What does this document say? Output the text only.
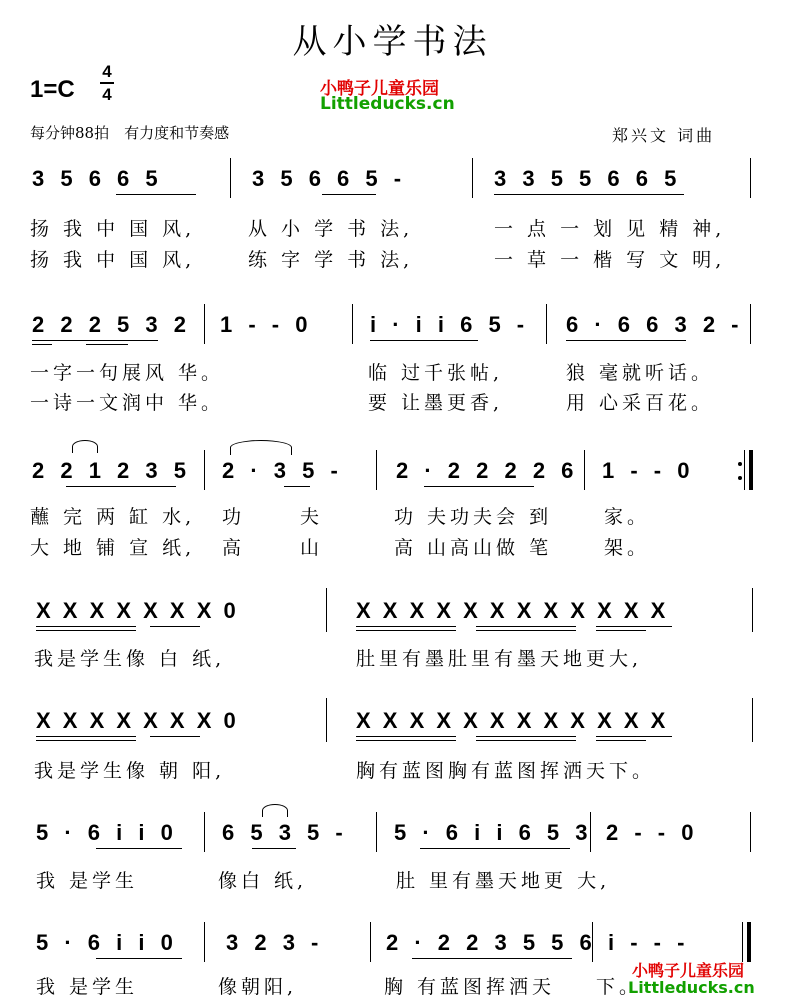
从小学书法
1=C
4
4	小鸭子儿童乐园
Littleducks.cn
每分钟88拍　有力度和节奏感	郑兴文 词曲
3 5 6 6 5	3 5 6 6 5 -	3 3 5 5 6 6 5
扬 我 中 国 风,	从 小 学 书 法,	一 点 一 划 见 精 神,
扬 我 中 国 风,	练 字 学 书 法,	一 草 一 楷 写 文 明,
2 2 2 5 3 2 1 - - 0	i · i i 6 5 - 6 · 6 6 3 2 -
一字一句展风 华。	临 过千张帖,	狼 毫就听话。
一诗一文润中 华。	要 让墨更香,	用 心采百花。
2 2 1 2 3 5 2 · 3 5 - 2 · 2 2 2 2 6 1 - - 0
蘸 完 两 缸 水, 功	夫	功 夫功夫会 到	家。
大 地 铺 宣 纸, 高	山	高 山高山做 笔	架。
X X X X X X X 0	X X X X X X X X X X X X
我是学生像 白 纸,	肚里有墨肚里有墨天地更大,
X X X X X X X 0	X X X X X X X X X X X X
我是学生像 朝 阳,	胸有蓝图胸有蓝图挥洒天下。
5 · 6 i i 0 6 5 3 5 - 5 · 6 i i 6 5 3 2 - - 0
我 是学生	像白 纸,	肚 里有墨天地更 大,
5 · 6 i i 0 3 2 3 -	2 · 2 2 3 5 5 6 i - - -
我 是学生	像朝阳,	胸 有蓝图挥洒天 下。
小鸭子儿童乐园
Littleducks.cn
